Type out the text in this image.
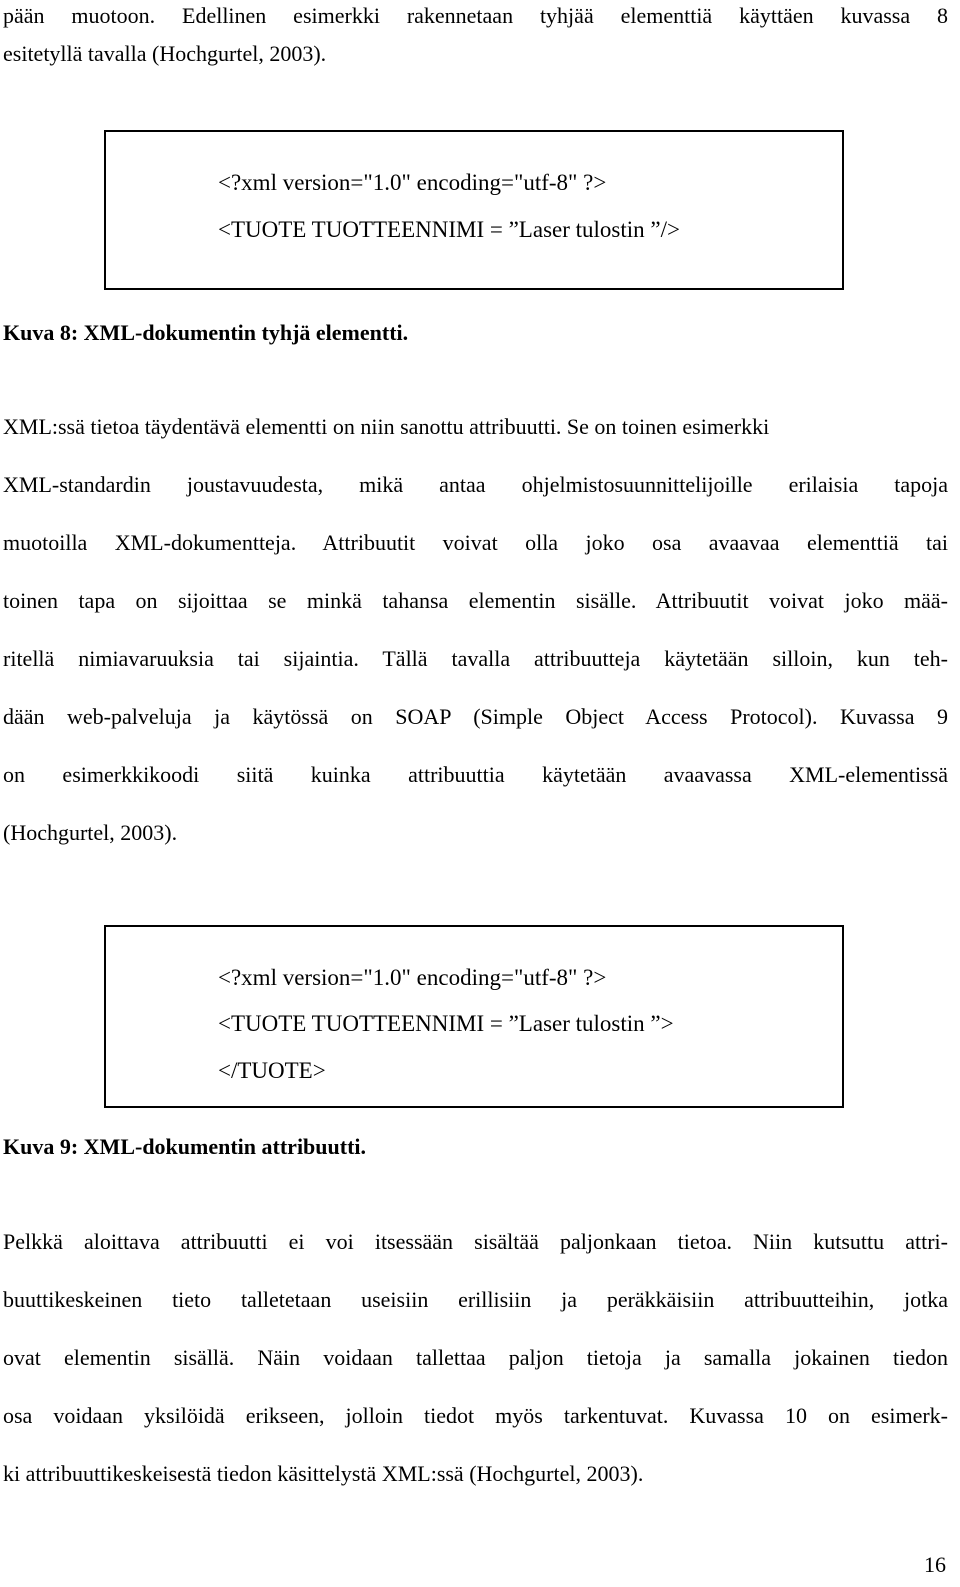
pään muotoon. Edellinen esimerkki rakennetaan tyhjää elementtiä käyttäen kuvassa 8
esitetyllä tavalla (Hochgurtel, 2003).
<?xml version="1.0" encoding="utf-8" ?>
<TUOTE TUOTTEENNIMI = ”Laser tulostin ”/>
Kuva 8: XML-dokumentin tyhjä elementti.
XML:ssä tietoa täydentävä elementti on niin sanottu attribuutti. Se on toinen esimerkki
XML-standardin joustavuudesta, mikä antaa ohjelmistosuunnittelijoille erilaisia tapoja
muotoilla XML-dokumentteja. Attribuutit voivat olla joko osa avaavaa elementtiä tai
toinen tapa on sijoittaa se minkä tahansa elementin sisälle. Attribuutit voivat joko mää-
ritellä nimiavaruuksia tai sijaintia. Tällä tavalla attribuutteja käytetään silloin, kun teh-
dään web-palveluja ja käytössä on SOAP (Simple Object Access Protocol). Kuvassa 9
on esimerkkikoodi siitä kuinka attribuuttia käytetään avaavassa XML-elementissä
(Hochgurtel, 2003).
<?xml version="1.0" encoding="utf-8" ?>
<TUOTE TUOTTEENNIMI = ”Laser tulostin ”>
</TUOTE>
Kuva 9: XML-dokumentin attribuutti.
Pelkkä aloittava attribuutti ei voi itsessään sisältää paljonkaan tietoa. Niin kutsuttu attri-
buuttikeskeinen tieto talletetaan useisiin erillisiin ja peräkkäisiin attribuutteihin, jotka
ovat elementin sisällä. Näin voidaan tallettaa paljon tietoja ja samalla jokainen tiedon
osa voidaan yksilöidä erikseen, jolloin tiedot myös tarkentuvat. Kuvassa 10 on esimerk-
ki attribuuttikeskeisestä tiedon käsittelystä XML:ssä (Hochgurtel, 2003).
16
